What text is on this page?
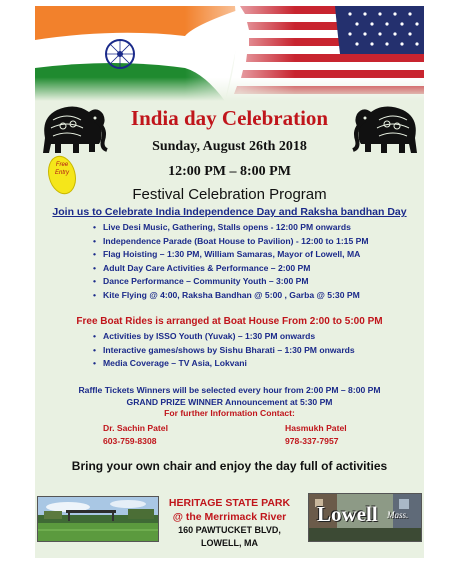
India day Celebration
Sunday, August 26th 2018
12:00 PM – 8:00 PM
Free
Entry
Festival Celebration Program
Join us to Celebrate India Independence Day and Raksha bandhan Day
• Live Desi Music, Gathering, Stalls opens - 12:00 PM onwards
• Independence Parade (Boat House to Pavilion) - 12:00 to 1:15 PM
• Flag Hoisting – 1:30 PM, William Samaras, Mayor of Lowell, MA
• Adult Day Care Activities & Performance – 2:00 PM
• Dance Performance – Community Youth – 3:00 PM
• Kite Flying @ 4:00, Raksha Bandhan @ 5:00 , Garba @ 5:30 PM
Free Boat Rides is arranged at Boat House From 2:00 to 5:00 PM
• Activities by ISSO Youth (Yuvak) – 1:30 PM onwards
• Interactive games/shows by Sishu Bharati – 1:30 PM onwards
• Media Coverage – TV Asia, Lokvani
Raffle Tickets Winners will be selected every hour from 2:00 PM – 8:00 PM
GRAND PRIZE WINNER Announcement at 5:30 PM
For further Information Contact:
Dr. Sachin Patel
603-759-8308
Hasmukh Patel
978-337-7957
Bring your own chair and enjoy the day full of activities
Lowell Mass.
HERITAGE STATE PARK
@ the Merrimack River
160 PAWTUCKET BLVD,
LOWELL, MA
